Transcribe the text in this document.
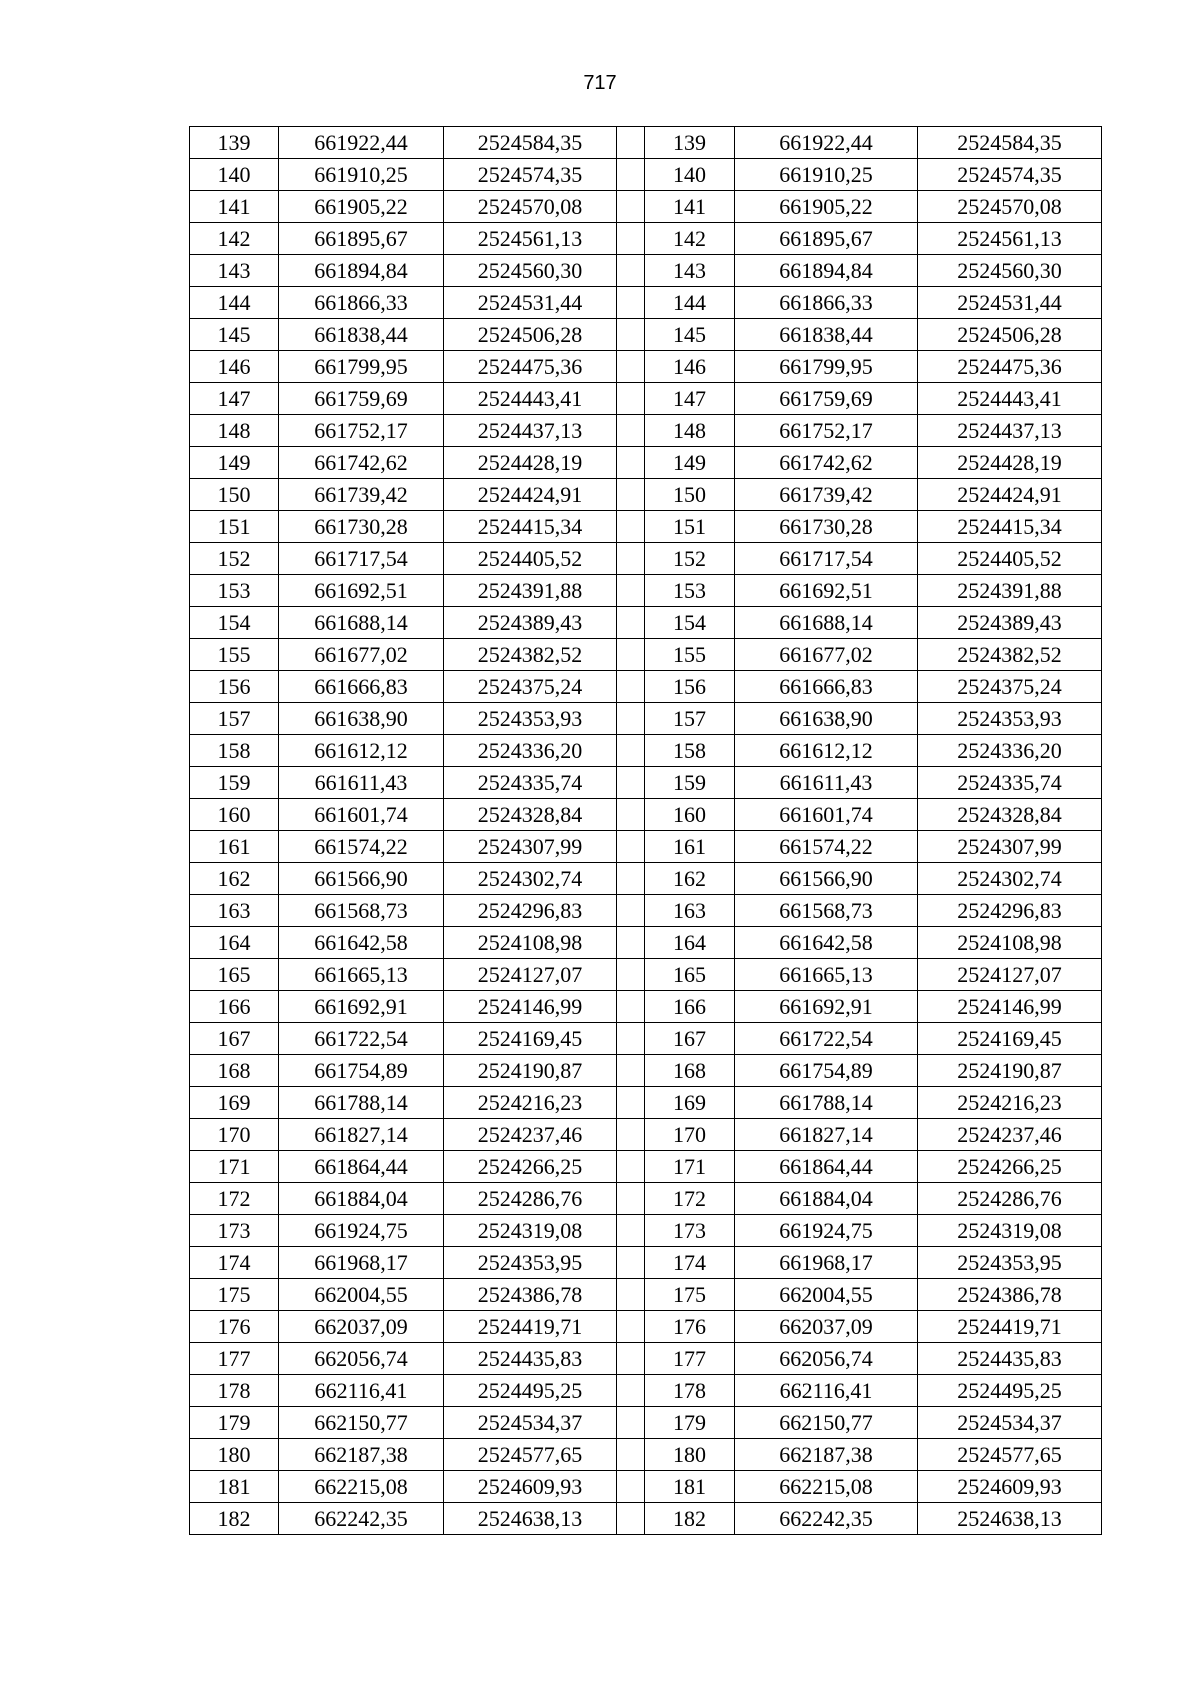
717
139	661922,44	2524584,35		139	661922,44	2524584,35
140	661910,25	2524574,35		140	661910,25	2524574,35
141	661905,22	2524570,08		141	661905,22	2524570,08
142	661895,67	2524561,13		142	661895,67	2524561,13
143	661894,84	2524560,30		143	661894,84	2524560,30
144	661866,33	2524531,44		144	661866,33	2524531,44
145	661838,44	2524506,28		145	661838,44	2524506,28
146	661799,95	2524475,36		146	661799,95	2524475,36
147	661759,69	2524443,41		147	661759,69	2524443,41
148	661752,17	2524437,13		148	661752,17	2524437,13
149	661742,62	2524428,19		149	661742,62	2524428,19
150	661739,42	2524424,91		150	661739,42	2524424,91
151	661730,28	2524415,34		151	661730,28	2524415,34
152	661717,54	2524405,52		152	661717,54	2524405,52
153	661692,51	2524391,88		153	661692,51	2524391,88
154	661688,14	2524389,43		154	661688,14	2524389,43
155	661677,02	2524382,52		155	661677,02	2524382,52
156	661666,83	2524375,24		156	661666,83	2524375,24
157	661638,90	2524353,93		157	661638,90	2524353,93
158	661612,12	2524336,20		158	661612,12	2524336,20
159	661611,43	2524335,74		159	661611,43	2524335,74
160	661601,74	2524328,84		160	661601,74	2524328,84
161	661574,22	2524307,99		161	661574,22	2524307,99
162	661566,90	2524302,74		162	661566,90	2524302,74
163	661568,73	2524296,83		163	661568,73	2524296,83
164	661642,58	2524108,98		164	661642,58	2524108,98
165	661665,13	2524127,07		165	661665,13	2524127,07
166	661692,91	2524146,99		166	661692,91	2524146,99
167	661722,54	2524169,45		167	661722,54	2524169,45
168	661754,89	2524190,87		168	661754,89	2524190,87
169	661788,14	2524216,23		169	661788,14	2524216,23
170	661827,14	2524237,46		170	661827,14	2524237,46
171	661864,44	2524266,25		171	661864,44	2524266,25
172	661884,04	2524286,76		172	661884,04	2524286,76
173	661924,75	2524319,08		173	661924,75	2524319,08
174	661968,17	2524353,95		174	661968,17	2524353,95
175	662004,55	2524386,78		175	662004,55	2524386,78
176	662037,09	2524419,71		176	662037,09	2524419,71
177	662056,74	2524435,83		177	662056,74	2524435,83
178	662116,41	2524495,25		178	662116,41	2524495,25
179	662150,77	2524534,37		179	662150,77	2524534,37
180	662187,38	2524577,65		180	662187,38	2524577,65
181	662215,08	2524609,93		181	662215,08	2524609,93
182	662242,35	2524638,13		182	662242,35	2524638,13
